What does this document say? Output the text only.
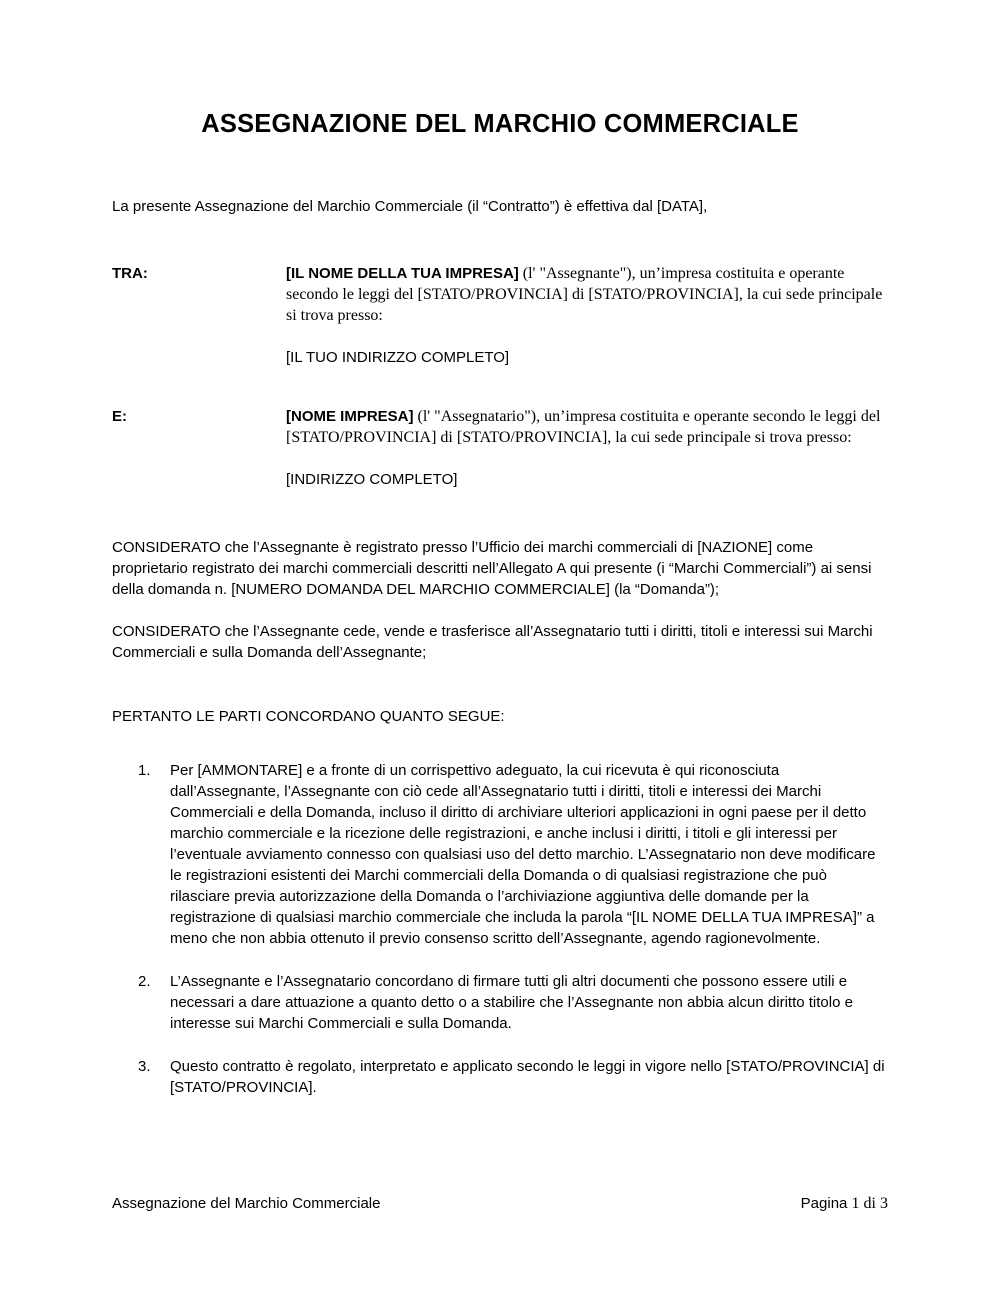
ASSEGNAZIONE DEL MARCHIO COMMERCIALE

La presente Assegnazione del Marchio Commerciale (il “Contratto”) è effettiva dal [DATA],

TRA:	[IL NOME DELLA TUA IMPRESA] (l' "Assegnante"), un’impresa costituita e operante secondo le leggi del [STATO/PROVINCIA] di [STATO/PROVINCIA], la cui sede principale si trova presso:

[IL TUO INDIRIZZO COMPLETO]

E:	[NOME IMPRESA] (l' "Assegnatario"), un’impresa costituita e operante secondo le leggi del [STATO/PROVINCIA] di [STATO/PROVINCIA], la cui sede principale si trova presso:

[INDIRIZZO COMPLETO]

CONSIDERATO che l’Assegnante è registrato presso l’Ufficio dei marchi commerciali di [NAZIONE] come proprietario registrato dei marchi commerciali descritti nell’Allegato A qui presente (i “Marchi Commerciali”) ai sensi della domanda n. [NUMERO DOMANDA DEL MARCHIO COMMERCIALE] (la “Domanda”);

CONSIDERATO che l’Assegnante cede, vende e trasferisce all’Assegnatario tutti i diritti, titoli e interessi sui Marchi Commerciali e sulla Domanda dell’Assegnante;

PERTANTO LE PARTI CONCORDANO QUANTO SEGUE:

1.	Per [AMMONTARE] e a fronte di un corrispettivo adeguato, la cui ricevuta è qui riconosciuta dall’Assegnante, l’Assegnante con ciò cede all’Assegnatario tutti i diritti, titoli e interessi dei Marchi Commerciali e della Domanda, incluso il diritto di archiviare ulteriori applicazioni in ogni paese per il detto marchio commerciale e la ricezione delle registrazioni, e anche inclusi i diritti, i titoli e gli interessi per l’eventuale avviamento connesso con qualsiasi uso del detto marchio. L’Assegnatario non deve modificare le registrazioni esistenti dei Marchi commerciali della Domanda o di qualsiasi registrazione che può rilasciare previa autorizzazione della Domanda o l’archiviazione aggiuntiva delle domande per la registrazione di qualsiasi marchio commerciale che includa la parola “[IL NOME DELLA TUA IMPRESA]” a meno che non abbia ottenuto il previo consenso scritto dell’Assegnante, agendo ragionevolmente.
2.	L’Assegnante e l’Assegnatario concordano di firmare tutti gli altri documenti che possono essere utili e necessari a dare attuazione a quanto detto o a stabilire che l’Assegnante non abbia alcun diritto titolo e interesse sui Marchi Commerciali e sulla Domanda.
3.	Questo contratto è regolato, interpretato e applicato secondo le leggi in vigore nello [STATO/PROVINCIA] di [STATO/PROVINCIA].
Assegnazione del Marchio Commerciale	Pagina 1 di 3
